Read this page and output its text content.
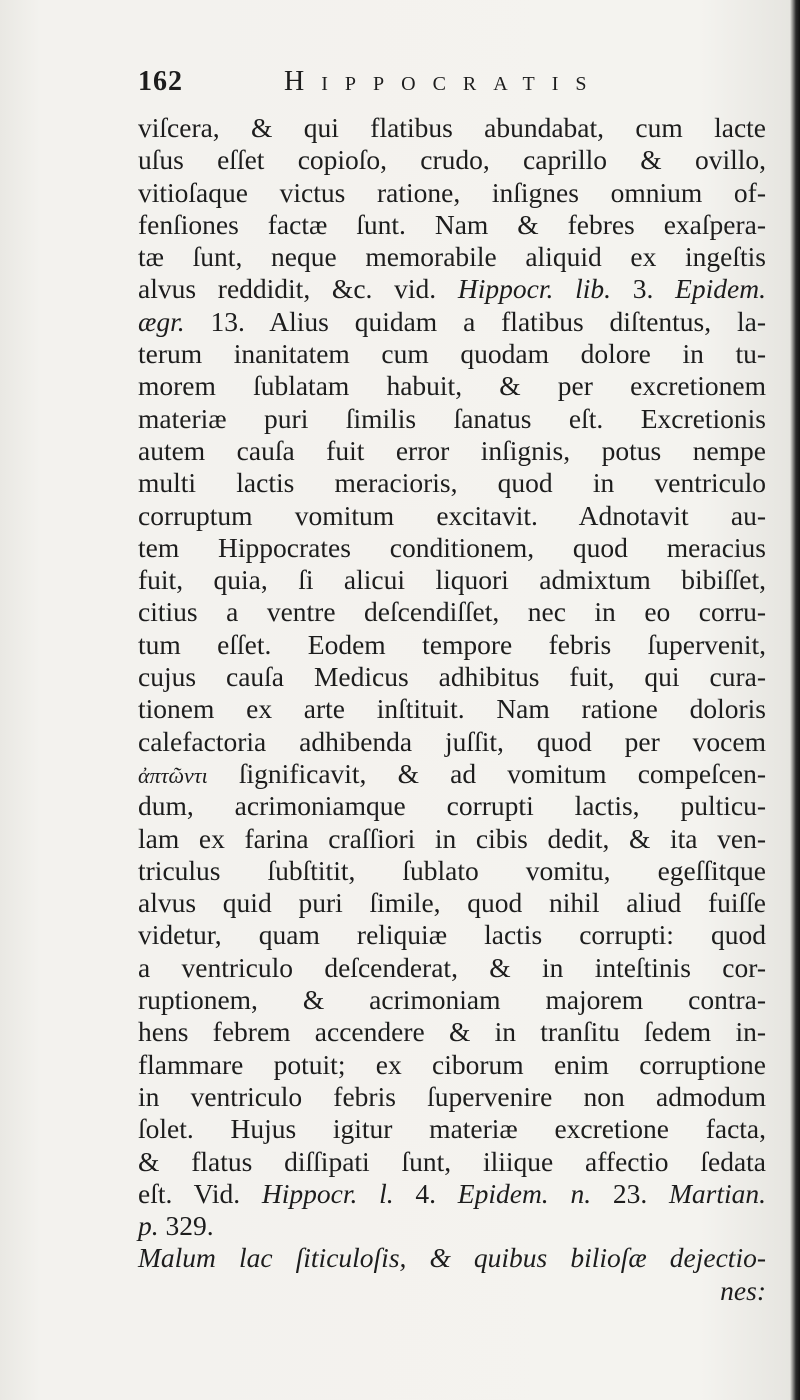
162	Hippocratis
viſcera, & qui flatibus abundabat, cum lacte
uſus eſſet copioſo, crudo, caprillo & ovillo,
vitioſaque victus ratione, inſignes omnium of-
fenſiones factæ ſunt. Nam & febres exaſpera-
tæ ſunt, neque memorabile aliquid ex ingeſtis
alvus reddidit, &c. vid. Hippocr. lib. 3. Epidem.
ægr. 13. Alius quidam a flatibus diſtentus, la-
terum inanitatem cum quodam dolore in tu-
morem ſublatam habuit, & per excretionem
materiæ puri ſimilis ſanatus eſt. Excretionis
autem cauſa fuit error inſignis, potus nempe
multi lactis meracioris, quod in ventriculo
corruptum vomitum excitavit. Adnotavit au-
tem Hippocrates conditionem, quod meracius
fuit, quia, ſi alicui liquori admixtum bibiſſet,
citius a ventre deſcendiſſet, nec in eo corru-
tum eſſet. Eodem tempore febris ſupervenit,
cujus cauſa Medicus adhibitus fuit, qui cura-
tionem ex arte inſtituit. Nam ratione doloris
calefactoria adhibenda juſſit, quod per vocem
ἀπτῶντι ſignificavit, & ad vomitum compeſcen-
dum, acrimoniamque corrupti lactis, pulticu-
lam ex farina craſſiori in cibis dedit, & ita ven-
triculus ſubſtitit, ſublato vomitu, egeſſitque
alvus quid puri ſimile, quod nihil aliud fuiſſe
videtur, quam reliquiæ lactis corrupti: quod
a ventriculo deſcenderat, & in inteſtinis cor-
ruptionem, & acrimoniam majorem contra-
hens febrem accendere & in tranſitu ſedem in-
flammare potuit; ex ciborum enim corruptione
in ventriculo febris ſupervenire non admodum
ſolet. Hujus igitur materiæ excretione facta,
& flatus diſſipati ſunt, iliique affectio ſedata
eſt. Vid. Hippocr. l. 4. Epidem. n. 23. Martian.
p. 329.
Malum lac ſiticuloſis, & quibus bilioſæ dejectio-
nes:
